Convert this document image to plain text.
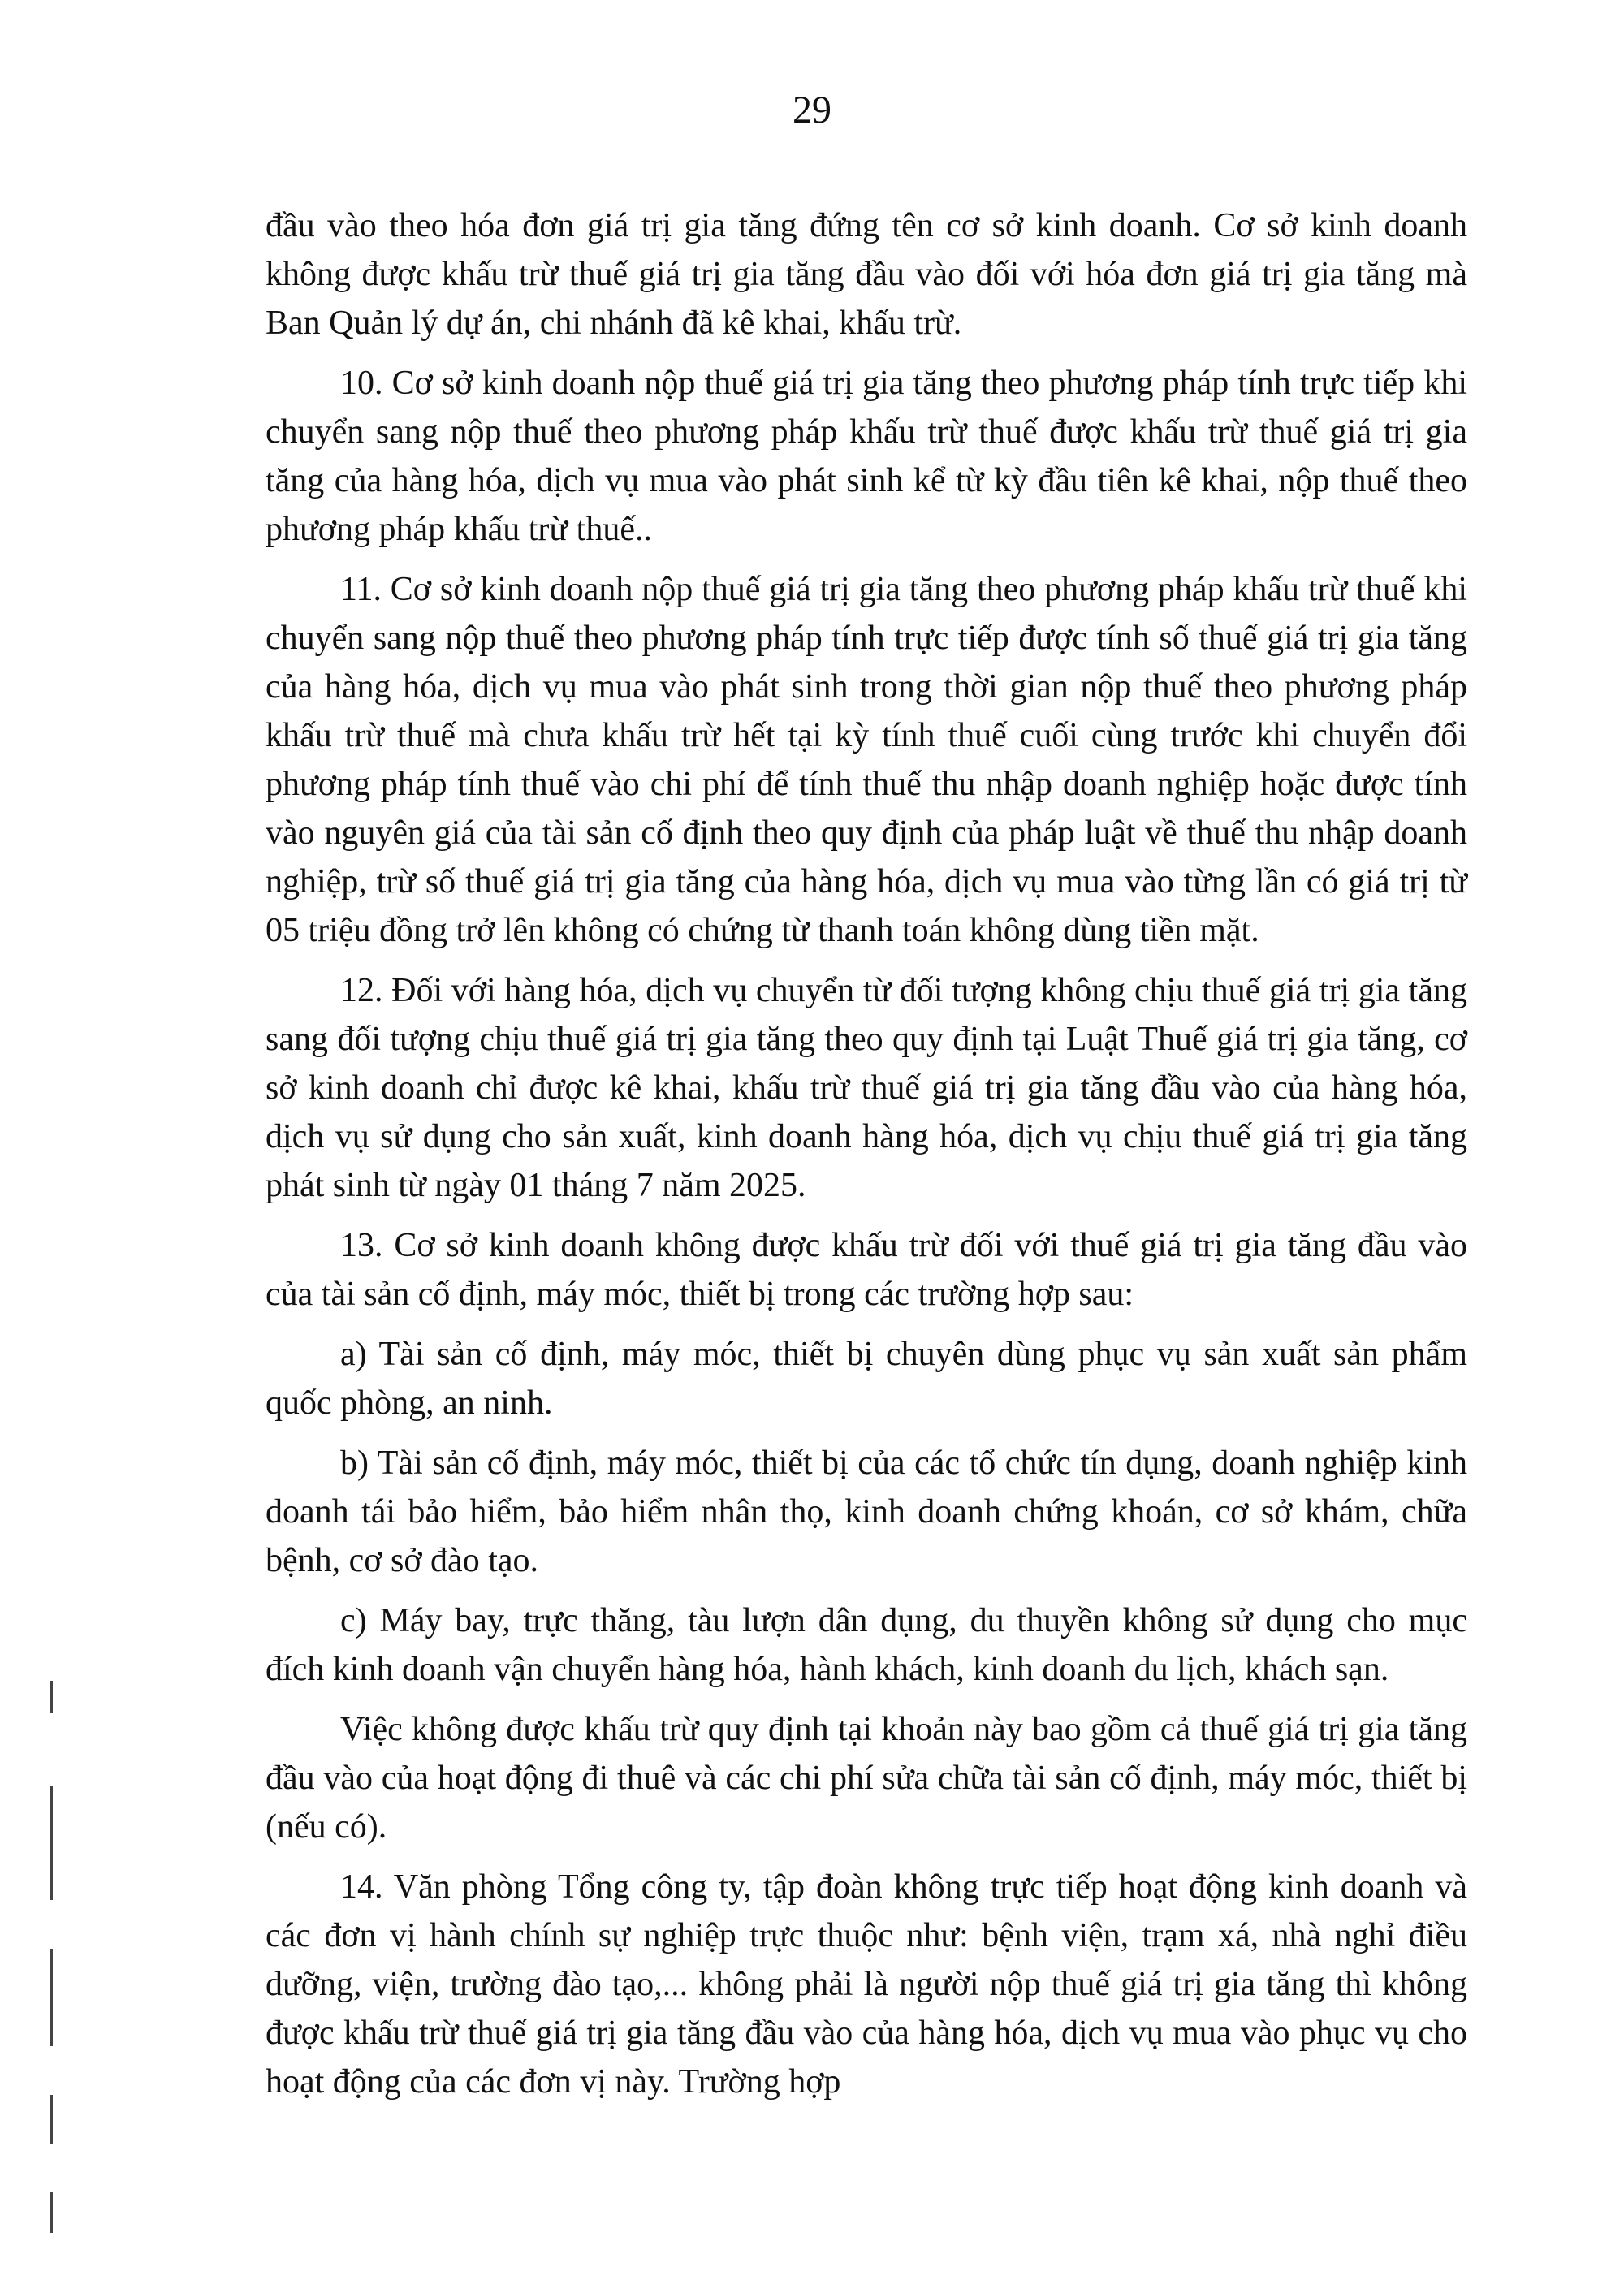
29

đầu vào theo hóa đơn giá trị gia tăng đứng tên cơ sở kinh doanh. Cơ sở kinh doanh không được khấu trừ thuế giá trị gia tăng đầu vào đối với hóa đơn giá trị gia tăng mà Ban Quản lý dự án, chi nhánh đã kê khai, khấu trừ.

10. Cơ sở kinh doanh nộp thuế giá trị gia tăng theo phương pháp tính trực tiếp khi chuyển sang nộp thuế theo phương pháp khấu trừ thuế được khấu trừ thuế giá trị gia tăng của hàng hóa, dịch vụ mua vào phát sinh kể từ kỳ đầu tiên kê khai, nộp thuế theo phương pháp khấu trừ thuế..

11. Cơ sở kinh doanh nộp thuế giá trị gia tăng theo phương pháp khấu trừ thuế khi chuyển sang nộp thuế theo phương pháp tính trực tiếp được tính số thuế giá trị gia tăng của hàng hóa, dịch vụ mua vào phát sinh trong thời gian nộp thuế theo phương pháp khấu trừ thuế mà chưa khấu trừ hết tại kỳ tính thuế cuối cùng trước khi chuyển đổi phương pháp tính thuế vào chi phí để tính thuế thu nhập doanh nghiệp hoặc được tính vào nguyên giá của tài sản cố định theo quy định của pháp luật về thuế thu nhập doanh nghiệp, trừ số thuế giá trị gia tăng của hàng hóa, dịch vụ mua vào từng lần có giá trị từ 05 triệu đồng trở lên không có chứng từ thanh toán không dùng tiền mặt.

12. Đối với hàng hóa, dịch vụ chuyển từ đối tượng không chịu thuế giá trị gia tăng sang đối tượng chịu thuế giá trị gia tăng theo quy định tại Luật Thuế giá trị gia tăng, cơ sở kinh doanh chỉ được kê khai, khấu trừ thuế giá trị gia tăng đầu vào của hàng hóa, dịch vụ sử dụng cho sản xuất, kinh doanh hàng hóa, dịch vụ chịu thuế giá trị gia tăng phát sinh từ ngày 01 tháng 7 năm 2025.

13. Cơ sở kinh doanh không được khấu trừ đối với thuế giá trị gia tăng đầu vào của tài sản cố định, máy móc, thiết bị trong các trường hợp sau:

a) Tài sản cố định, máy móc, thiết bị chuyên dùng phục vụ sản xuất sản phẩm quốc phòng, an ninh.

b) Tài sản cố định, máy móc, thiết bị của các tổ chức tín dụng, doanh nghiệp kinh doanh tái bảo hiểm, bảo hiểm nhân thọ, kinh doanh chứng khoán, cơ sở khám, chữa bệnh, cơ sở đào tạo.

c) Máy bay, trực thăng, tàu lượn dân dụng, du thuyền không sử dụng cho mục đích kinh doanh vận chuyển hàng hóa, hành khách, kinh doanh du lịch, khách sạn.

Việc không được khấu trừ quy định tại khoản này bao gồm cả thuế giá trị gia tăng đầu vào của hoạt động đi thuê và các chi phí sửa chữa tài sản cố định, máy móc, thiết bị (nếu có).

14. Văn phòng Tổng công ty, tập đoàn không trực tiếp hoạt động kinh doanh và các đơn vị hành chính sự nghiệp trực thuộc như: bệnh viện, trạm xá, nhà nghỉ điều dưỡng, viện, trường đào tạo,... không phải là người nộp thuế giá trị gia tăng thì không được khấu trừ thuế giá trị gia tăng đầu vào của hàng hóa, dịch vụ mua vào phục vụ cho hoạt động của các đơn vị này. Trường hợp
